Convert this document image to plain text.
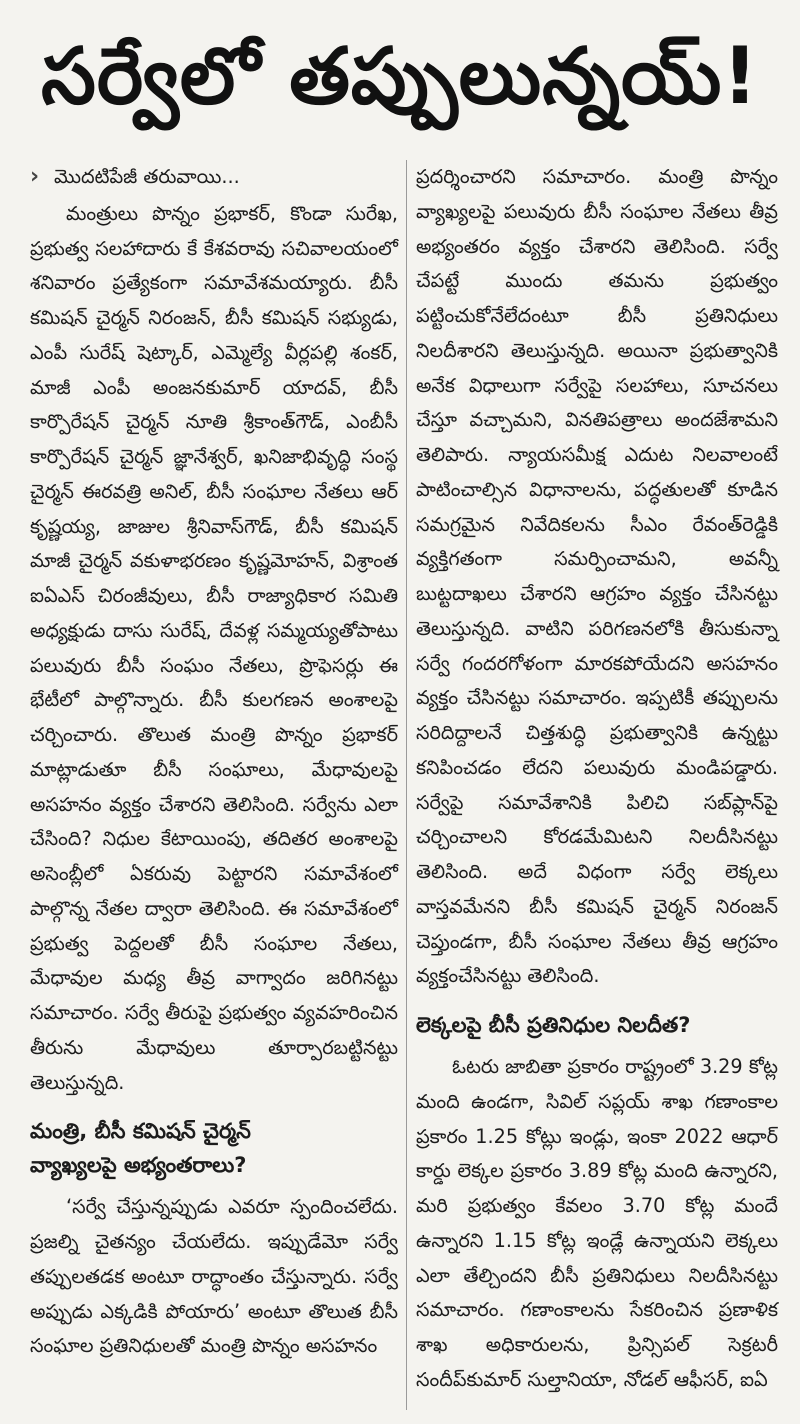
సర్వేలో తప్పులున్నయ్!
› మొదటిపేజీ తరువాయి...

మంత్రులు పొన్నం ప్రభాకర్, కొండా సురేఖ, ప్రభుత్వ సలహాదారు కే కేశవరావు సచివాలయంలో శనివారం ప్రత్యేకంగా సమావేశమయ్యారు. బీసీ కమిషన్ చైర్మన్ నిరంజన్, బీసీ కమిషన్ సభ్యుడు, ఎంపీ సురేష్ షెట్కార్, ఎమ్మెల్యే వీర్లపల్లి శంకర్, మాజీ ఎంపీ అంజనకుమార్ యాదవ్, బీసీ కార్పొరేషన్ చైర్మన్ నూతి శ్రీకాంత్‌గౌడ్, ఎంబీసీ కార్పొరేషన్ చైర్మన్ జ్ఞానేశ్వర్, ఖనిజాభివృద్ధి సంస్థ చైర్మన్ ఈరవత్రి అనిల్, బీసీ సంఘాల నేతలు ఆర్ కృష్ణయ్య, జాజుల శ్రీనివాస్‌గౌడ్, బీసీ కమిషన్ మాజీ చైర్మన్ వకుళాభరణం కృష్ణమోహన్, విశ్రాంత ఐఏఎస్ చిరంజీవులు, బీసీ రాజ్యాధికార సమితి అధ్యక్షుడు దాసు సురేష్, దేవళ్ల సమ్మయ్యతోపాటు పలువురు బీసీ సంఘం నేతలు, ప్రొఫెసర్లు ఈ భేటీలో పాల్గొన్నారు. బీసీ కులగణన అంశాలపై చర్చించారు. తొలుత మంత్రి పొన్నం ప్రభాకర్ మాట్లాడుతూ బీసీ సంఘాలు, మేధావులపై అసహనం వ్యక్తం చేశారని తెలిసింది. సర్వేను ఎలా చేసింది? నిధుల కేటాయింపు, తదితర అంశాలపై అసెంబ్లీలో ఏకరువు పెట్టారని సమావేశంలో పాల్గొన్న నేతల ద్వారా తెలిసింది. ఈ సమావేశంలో ప్రభుత్వ పెద్దలతో బీసీ సంఘాల నేతలు, మేధావుల మధ్య తీవ్ర వాగ్వాదం జరిగినట్టు సమాచారం. సర్వే తీరుపై ప్రభుత్వం వ్యవహరించిన తీరును మేధావులు తూర్పారబట్టినట్టు తెలుస్తున్నది.

మంత్రి, బీసీ కమిషన్ చైర్మన్
వ్యాఖ్యలపై అభ్యంతరాలు?

‘సర్వే చేస్తున్నప్పుడు ఎవరూ స్పందించలేదు. ప్రజల్ని చైతన్యం చేయలేదు. ఇప్పుడేమో సర్వే తప్పులతడక అంటూ రాద్ధాంతం చేస్తున్నారు. సర్వే అప్పుడు ఎక్కడికి పోయారు’ అంటూ తొలుత బీసీ సంఘాల ప్రతినిధులతో మంత్రి పొన్నం అసహనం

ప్రదర్శించారని సమాచారం. మంత్రి పొన్నం వ్యాఖ్యలపై పలువురు బీసీ సంఘాల నేతలు తీవ్ర అభ్యంతరం వ్యక్తం చేశారని తెలిసింది. సర్వే చేపట్టే ముందు తమను ప్రభుత్వం పట్టించుకోనేలేదంటూ బీసీ ప్రతినిధులు నిలదీశారని తెలుస్తున్నది. అయినా ప్రభుత్వానికి అనేక విధాలుగా సర్వేపై సలహాలు, సూచనలు చేస్తూ వచ్చామని, వినతిపత్రాలు అందజేశామని తెలిపారు. న్యాయసమీక్ష ఎదుట నిలవాలంటే పాటించాల్సిన విధానాలను, పద్ధతులతో కూడిన సమగ్రమైన నివేదికలను సీఎం రేవంత్‌రెడ్డికి వ్యక్తిగతంగా సమర్పించామని, అవన్నీ బుట్టదాఖలు చేశారని ఆగ్రహం వ్యక్తం చేసినట్టు తెలుస్తున్నది. వాటిని పరిగణనలోకి తీసుకున్నా సర్వే గందరగోళంగా మారకపోయేదని అసహనం వ్యక్తం చేసినట్టు సమాచారం. ఇప్పటికీ తప్పులను సరిదిద్దాలనే చిత్తశుద్ధి ప్రభుత్వానికి ఉన్నట్టు కనిపించడం లేదని పలువురు మండిపడ్డారు. సర్వేపై సమావేశానికి పిలిచి సబ్‌ప్లాన్‌పై చర్చించాలని కోరడమేమిటని నిలదీసినట్టు తెలిసింది. అదే విధంగా సర్వే లెక్కలు వాస్తవమేనని బీసీ కమిషన్ చైర్మన్ నిరంజన్ చెప్తుండగా, బీసీ సంఘాల నేతలు తీవ్ర ఆగ్రహం వ్యక్తంచేసినట్టు తెలిసింది.

లెక్కలపై బీసీ ప్రతినిధుల నిలదీత?

ఓటరు జాబితా ప్రకారం రాష్ట్రంలో 3.29 కోట్ల మంది ఉండగా, సివిల్ సప్లయ్ శాఖ గణాంకాల ప్రకారం 1.25 కోట్లు ఇండ్లు, ఇంకా 2022 ఆధార్ కార్డు లెక్కల ప్రకారం 3.89 కోట్ల మంది ఉన్నారని, మరి ప్రభుత్వం కేవలం 3.70 కోట్ల మందే ఉన్నారని 1.15 కోట్ల ఇండ్లే ఉన్నాయని లెక్కలు ఎలా తేల్చిందని బీసీ ప్రతినిధులు నిలదీసినట్టు సమాచారం. గణాంకాలను సేకరించిన ప్రణాళిక శాఖ అధికారులను, ప్రిన్సిపల్ సెక్రటరీ సందీప్‌కుమార్ సుల్తానియా, నోడల్ ఆఫీసర్, ఐఏ
